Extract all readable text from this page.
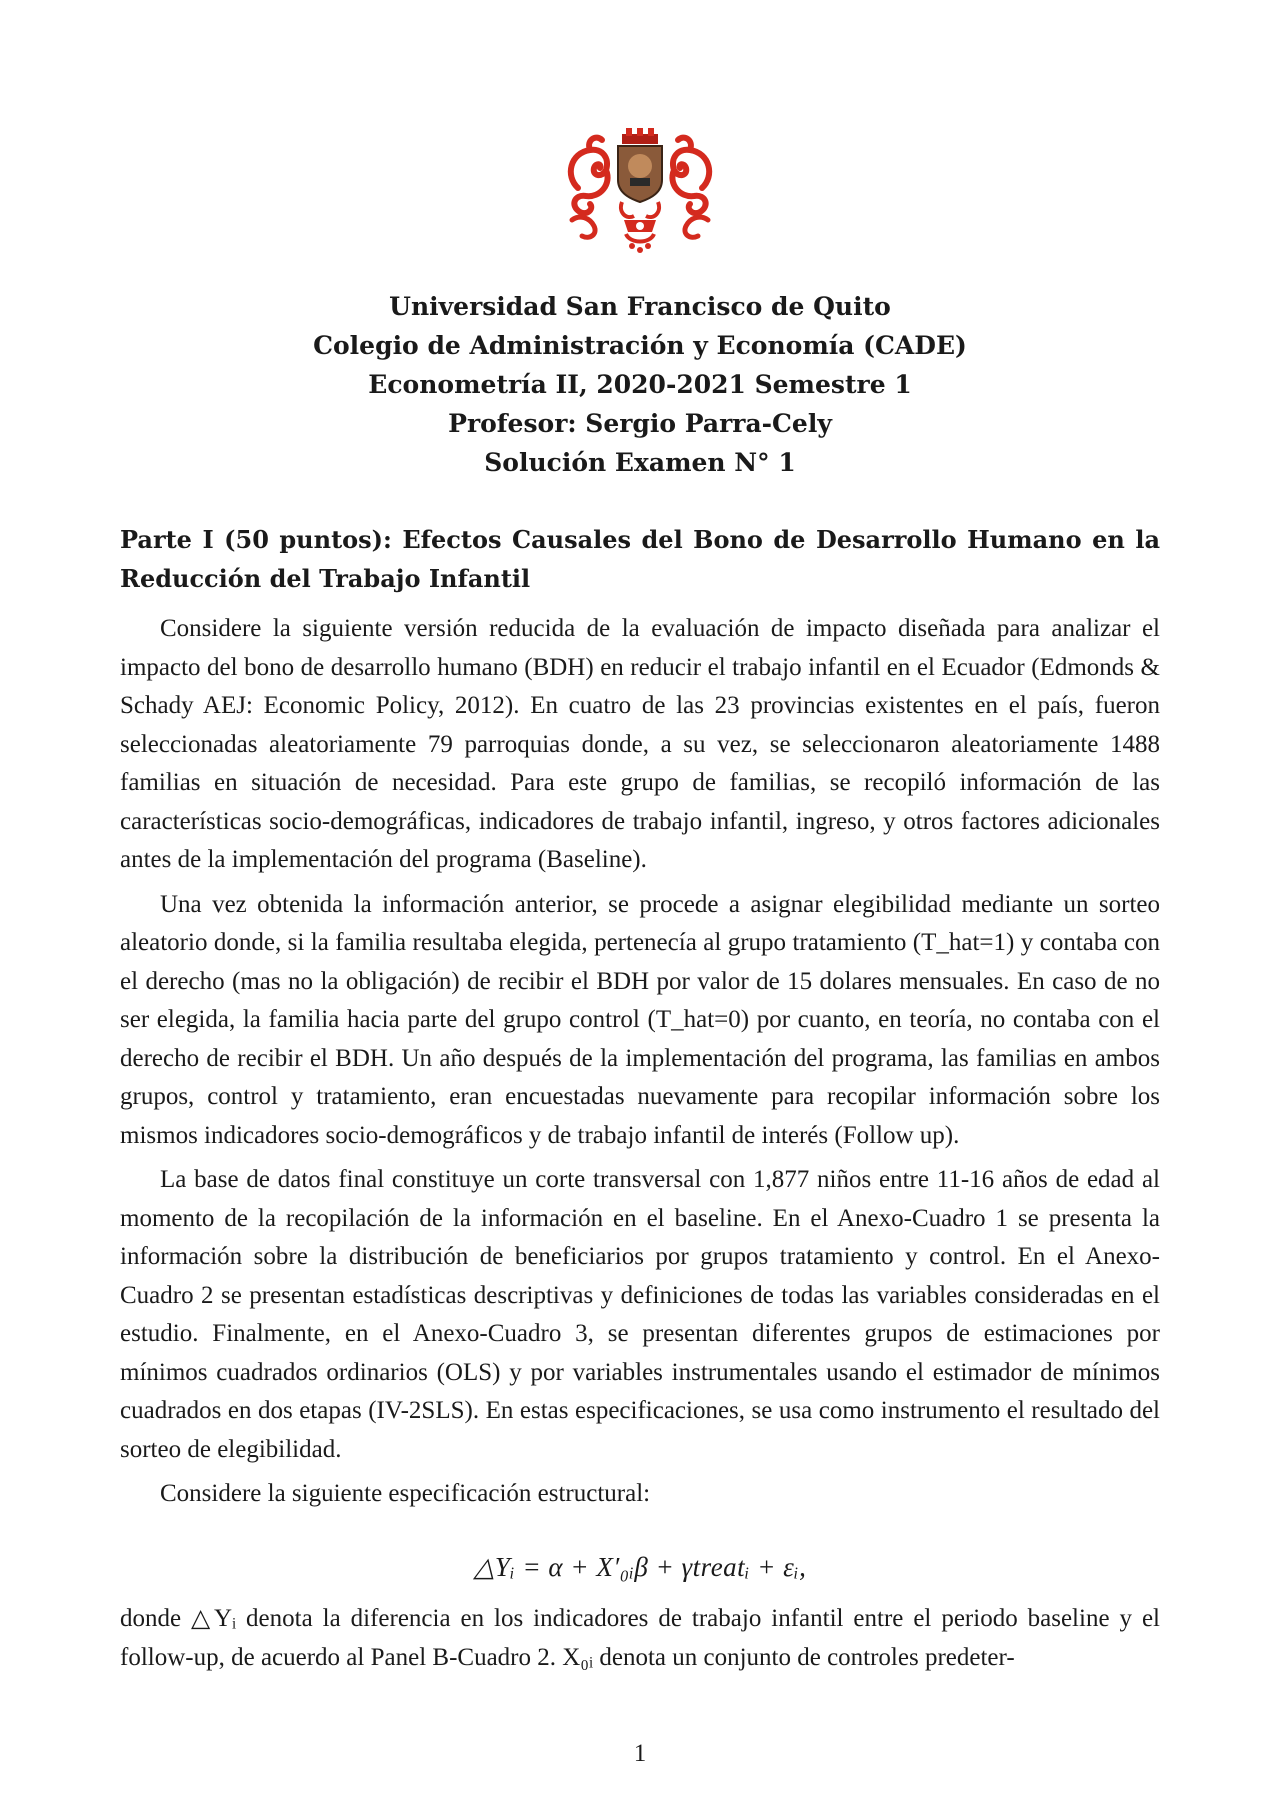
Universidad San Francisco de Quito
Colegio de Administración y Economía (CADE)
Econometría II, 2020-2021 Semestre 1
Profesor: Sergio Parra-Cely
Solución Examen N° 1
Parte I (50 puntos): Efectos Causales del Bono de Desarrollo Humano en la Reducción del Trabajo Infantil

Considere la siguiente versión reducida de la evaluación de impacto diseñada para analizar el impacto del bono de desarrollo humano (BDH) en reducir el trabajo infantil en el Ecuador (Edmonds & Schady AEJ: Economic Policy, 2012). En cuatro de las 23 provincias existentes en el país, fueron seleccionadas aleatoriamente 79 parroquias donde, a su vez, se seleccionaron aleatoriamente 1488 familias en situación de necesidad. Para este grupo de familias, se recopiló información de las características socio-demográficas, indicadores de trabajo infantil, ingreso, y otros factores adicionales antes de la implementación del programa (Baseline).

Una vez obtenida la información anterior, se procede a asignar elegibilidad mediante un sorteo aleatorio donde, si la familia resultaba elegida, pertenecía al grupo tratamiento (T_hat=1) y contaba con el derecho (mas no la obligación) de recibir el BDH por valor de 15 dolares mensuales. En caso de no ser elegida, la familia hacia parte del grupo control (T_hat=0) por cuanto, en teoría, no contaba con el derecho de recibir el BDH. Un año después de la implementación del programa, las familias en ambos grupos, control y tratamiento, eran encuestadas nuevamente para recopilar información sobre los mismos indicadores socio-demográficos y de trabajo infantil de interés (Follow up).

La base de datos final constituye un corte transversal con 1,877 niños entre 11-16 años de edad al momento de la recopilación de la información en el baseline. En el Anexo-Cuadro 1 se presenta la información sobre la distribución de beneficiarios por grupos tratamiento y control. En el Anexo-Cuadro 2 se presentan estadísticas descriptivas y definiciones de todas las variables consideradas en el estudio. Finalmente, en el Anexo-Cuadro 3, se presentan diferentes grupos de estimaciones por mínimos cuadrados ordinarios (OLS) y por variables instrumentales usando el estimador de mínimos cuadrados en dos etapas (IV-2SLS). En estas especificaciones, se usa como instrumento el resultado del sorteo de elegibilidad.

Considere la siguiente especificación estructural:

△Yᵢ = α + X′₀ᵢβ + γtreatᵢ + εᵢ,

donde △Yᵢ denota la diferencia en los indicadores de trabajo infantil entre el periodo baseline y el follow-up, de acuerdo al Panel B-Cuadro 2. X₀ᵢ denota un conjunto de controles predeter-

1
